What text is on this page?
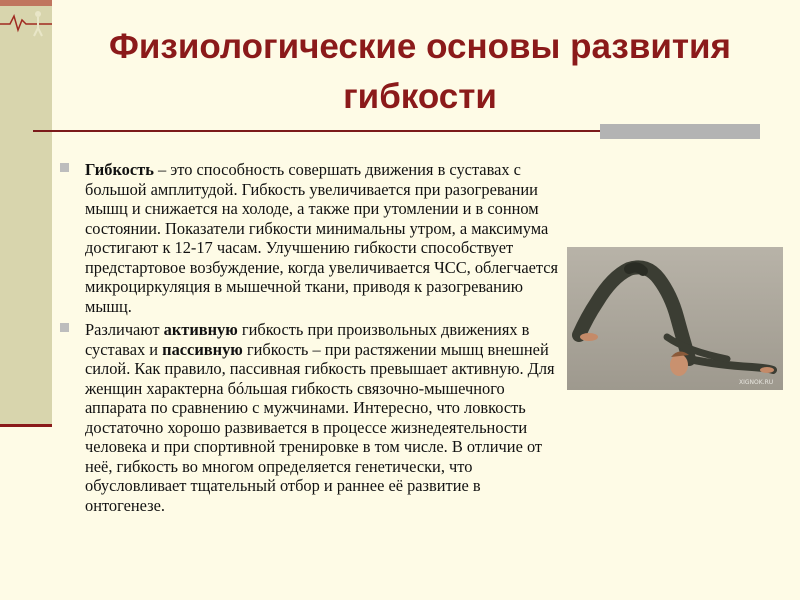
Физиологические основы развития
гибкости
Гибкость – это способность совершать движения в суставах с большой амплитудой. Гибкость увеличивается при разогревании мышц и снижается на холоде, а также при утомлении и в сонном состоянии. Показатели гибкости минимальны утром, а максимума достигают к 12-17 часам. Улучшению гибкости способствует предстартовое возбуждение, когда увеличивается ЧСС, облегчается микроциркуляция в мышечной ткани, приводя к разогреванию мышц.
Различают активную гибкость при произвольных движениях в суставах и пассивную гибкость – при растяжении мышц внешней силой. Как правило, пассивная гибкость превышает активную. Для женщин характерна бóльшая гибкость связочно-мышечного аппарата по сравнению с мужчинами. Интересно, что ловкость достаточно хорошо развивается в процессе жизнедеятельности человека и при спортивной тренировке в том числе. В отличие от неё, гибкость во многом определяется генетически, что обусловливает тщательный отбор и раннее её развитие в онтогенезе.
XIGNOK.RU
